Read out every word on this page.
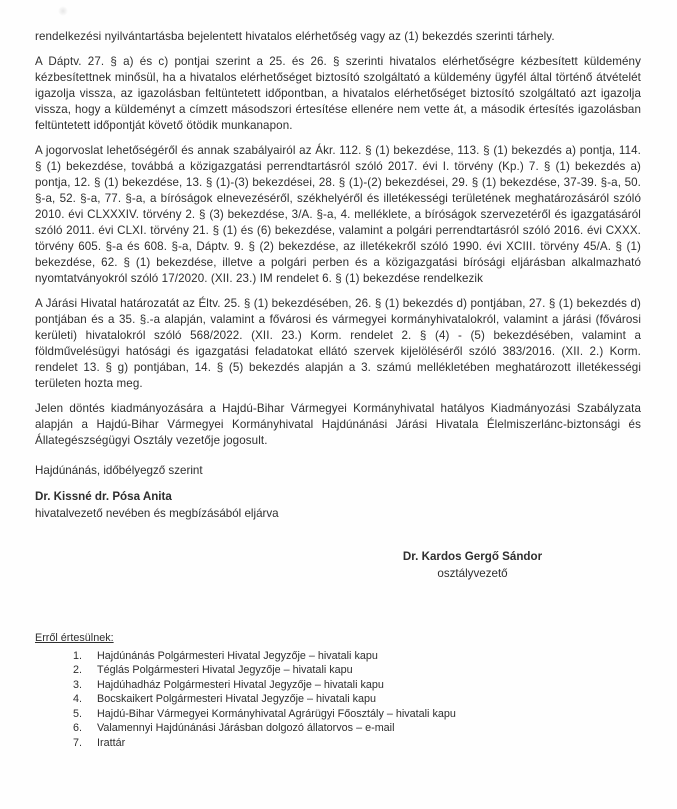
rendelkezési nyilvántartásba bejelentett hivatalos elérhetőség vagy az (1) bekezdés szerinti tárhely.

A Dáptv. 27. § a) és c) pontjai szerint a 25. és 26. § szerinti hivatalos elérhetőségre kézbesített küldemény kézbesítettnek minősül, ha a hivatalos elérhetőséget biztosító szolgáltató a küldemény ügyfél által történő átvételét igazolja vissza, az igazolásban feltüntetett időpontban, a hivatalos elérhetőséget biztosító szolgáltató azt igazolja vissza, hogy a küldeményt a címzett másodszori értesítése ellenére nem vette át, a második értesítés igazolásban feltüntetett időpontját követő ötödik munkanapon.

A jogorvoslat lehetőségéről és annak szabályairól az Ákr. 112. § (1) bekezdése, 113. § (1) bekezdés a) pontja, 114. § (1) bekezdése, továbbá a közigazgatási perrendtartásról szóló 2017. évi I. törvény (Kp.) 7. § (1) bekezdés a) pontja, 12. § (1) bekezdése, 13. § (1)-(3) bekezdései, 28. § (1)-(2) bekezdései, 29. § (1) bekezdése, 37-39. §-a, 50. §-a, 52. §-a, 77. §-a, a bíróságok elnevezéséről, székhelyéről és illetékességi területének meghatározásáról szóló 2010. évi CLXXXIV. törvény 2. § (3) bekezdése, 3/A. §-a, 4. melléklete, a bíróságok szervezetéről és igazgatásáról szóló 2011. évi CLXI. törvény 21. § (1) és (6) bekezdése, valamint a polgári perrendtartásról szóló 2016. évi CXXX. törvény 605. §-a és 608. §-a, Dáptv. 9. § (2) bekezdése, az illetékekről szóló 1990. évi XCIII. törvény 45/A. § (1) bekezdése, 62. § (1) bekezdése, illetve a polgári perben és a közigazgatási bírósági eljárásban alkalmazható nyomtatványokról szóló 17/2020. (XII. 23.) IM rendelet 6. § (1) bekezdése rendelkezik

A Járási Hivatal határozatát az Éltv. 25. § (1) bekezdésében, 26. § (1) bekezdés d) pontjában, 27. § (1) bekezdés d) pontjában és a 35. §.-a alapján, valamint a fővárosi és vármegyei kormányhivatalokról, valamint a járási (fővárosi kerületi) hivatalokról szóló 568/2022. (XII. 23.) Korm. rendelet 2. § (4) - (5) bekezdésében, valamint a földművelésügyi hatósági és igazgatási feladatokat ellátó szervek kijelöléséről szóló 383/2016. (XII. 2.) Korm. rendelet 13. § g) pontjában, 14. § (5) bekezdés alapján a 3. számú mellékletében meghatározott illetékességi területen hozta meg.

Jelen döntés kiadmányozására a Hajdú-Bihar Vármegyei Kormányhivatal hatályos Kiadmányozási Szabályzata alapján a Hajdú-Bihar Vármegyei Kormányhivatal Hajdúnánási Járási Hivatala Élelmiszerlánc-biztonsági és Állategészségügyi Osztály vezetője jogosult.

Hajdúnánás, időbélyegző szerint

Dr. Kissné dr. Pósa Anita
hivatalvezető nevében és megbízásából eljárva
Dr. Kardos Gergő Sándor
osztályvezető
Erről értesülnek:
Hajdúnánás Polgármesteri Hivatal Jegyzője – hivatali kapu
Téglás Polgármesteri Hivatal Jegyzője – hivatali kapu
Hajdúhadház Polgármesteri Hivatal Jegyzője – hivatali kapu
Bocskaikert Polgármesteri Hivatal Jegyzője – hivatali kapu
Hajdú-Bihar Vármegyei Kormányhivatal Agrárügyi Főosztály – hivatali kapu
Valamennyi Hajdúnánási Járásban dolgozó állatorvos – e-mail
Irattár
